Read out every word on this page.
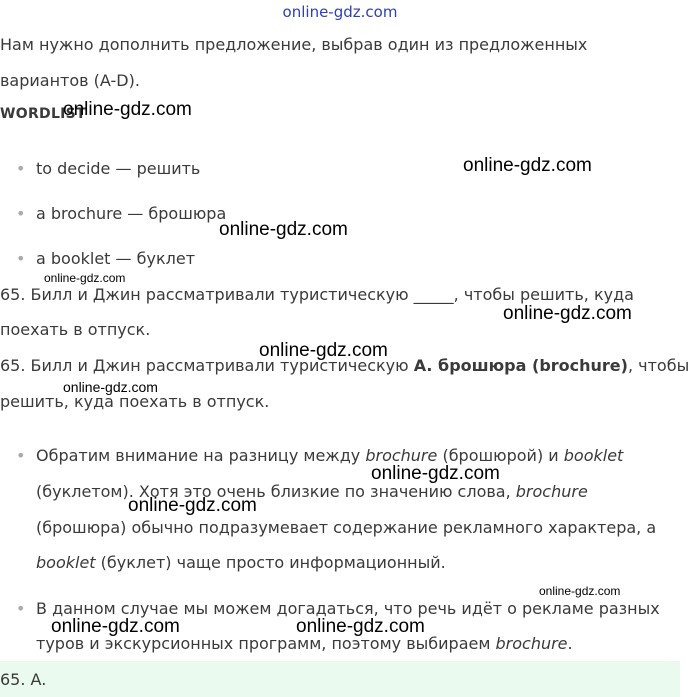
online-gdz.com
Нам нужно дополнить предложение, выбрав один из предложенных
вариантов (A-D).
WORDLIST
online-gdz.com
• to decide — решить
• a brochure — брошюра
• a booklet — буклет
online-gdz.com
online-gdz.com
online-gdz.com
65. Билл и Джин рассматривали туристическую _____, чтобы решить, куда
поехать в отпуск.
online-gdz.com
65. Билл и Джин рассматривали туристическую A. брошюра (brochure), чтобы
решить, куда поехать в отпуск.
online-gdz.com
online-gdz.com
• Обратим внимание на разницу между brochure (брошюрой) и booklet
(буклетом). Хотя это очень близкие по значению слова, brochure
(брошюра) обычно подразумевает содержание рекламного характера, а
booklet (буклет) чаще просто информационный.
• В данном случае мы можем догадаться, что речь идёт о рекламе разных
туров и экскурсионных программ, поэтому выбираем brochure.
online-gdz.com
online-gdz.com
online-gdz.com
online-gdz.com	online-gdz.com
65. A.
